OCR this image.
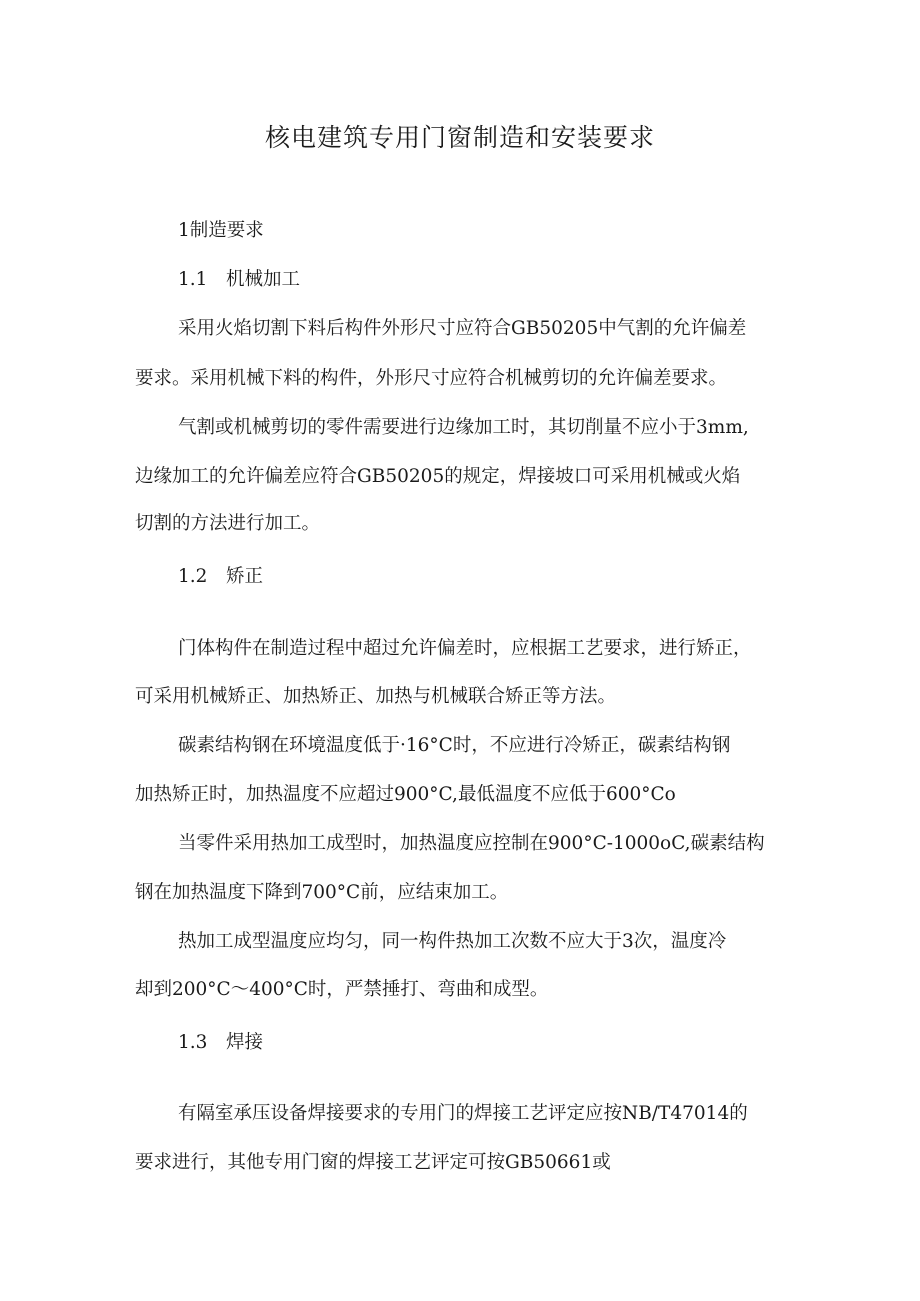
核电建筑专用门窗制造和安装要求

1制造要求

1.1 机械加工

采用火焰切割下料后构件外形尺寸应符合GB50205中气割的允许偏差

要求。采用机械下料的构件，外形尺寸应符合机械剪切的允许偏差要求。

气割或机械剪切的零件需要进行边缘加工时，其切削量不应小于3mm,

边缘加工的允许偏差应符合GB50205的规定，焊接坡口可采用机械或火焰

切割的方法进行加工。

1.2 矫正

门体构件在制造过程中超过允许偏差时，应根据工艺要求，进行矫正，

可采用机械矫正、加热矫正、加热与机械联合矫正等方法。

碳素结构钢在环境温度低于·16°C时，不应进行冷矫正，碳素结构钢

加热矫正时，加热温度不应超过900°C,最低温度不应低于600°Co

当零件采用热加工成型时，加热温度应控制在900°C-1000oC,碳素结构

钢在加热温度下降到700°C前，应结束加工。

热加工成型温度应均匀，同一构件热加工次数不应大于3次，温度冷

却到200°C～400°C时，严禁捶打、弯曲和成型。

1.3 焊接

有隔室承压设备焊接要求的专用门的焊接工艺评定应按NB/T47014的

要求进行，其他专用门窗的焊接工艺评定可按GB50661或
